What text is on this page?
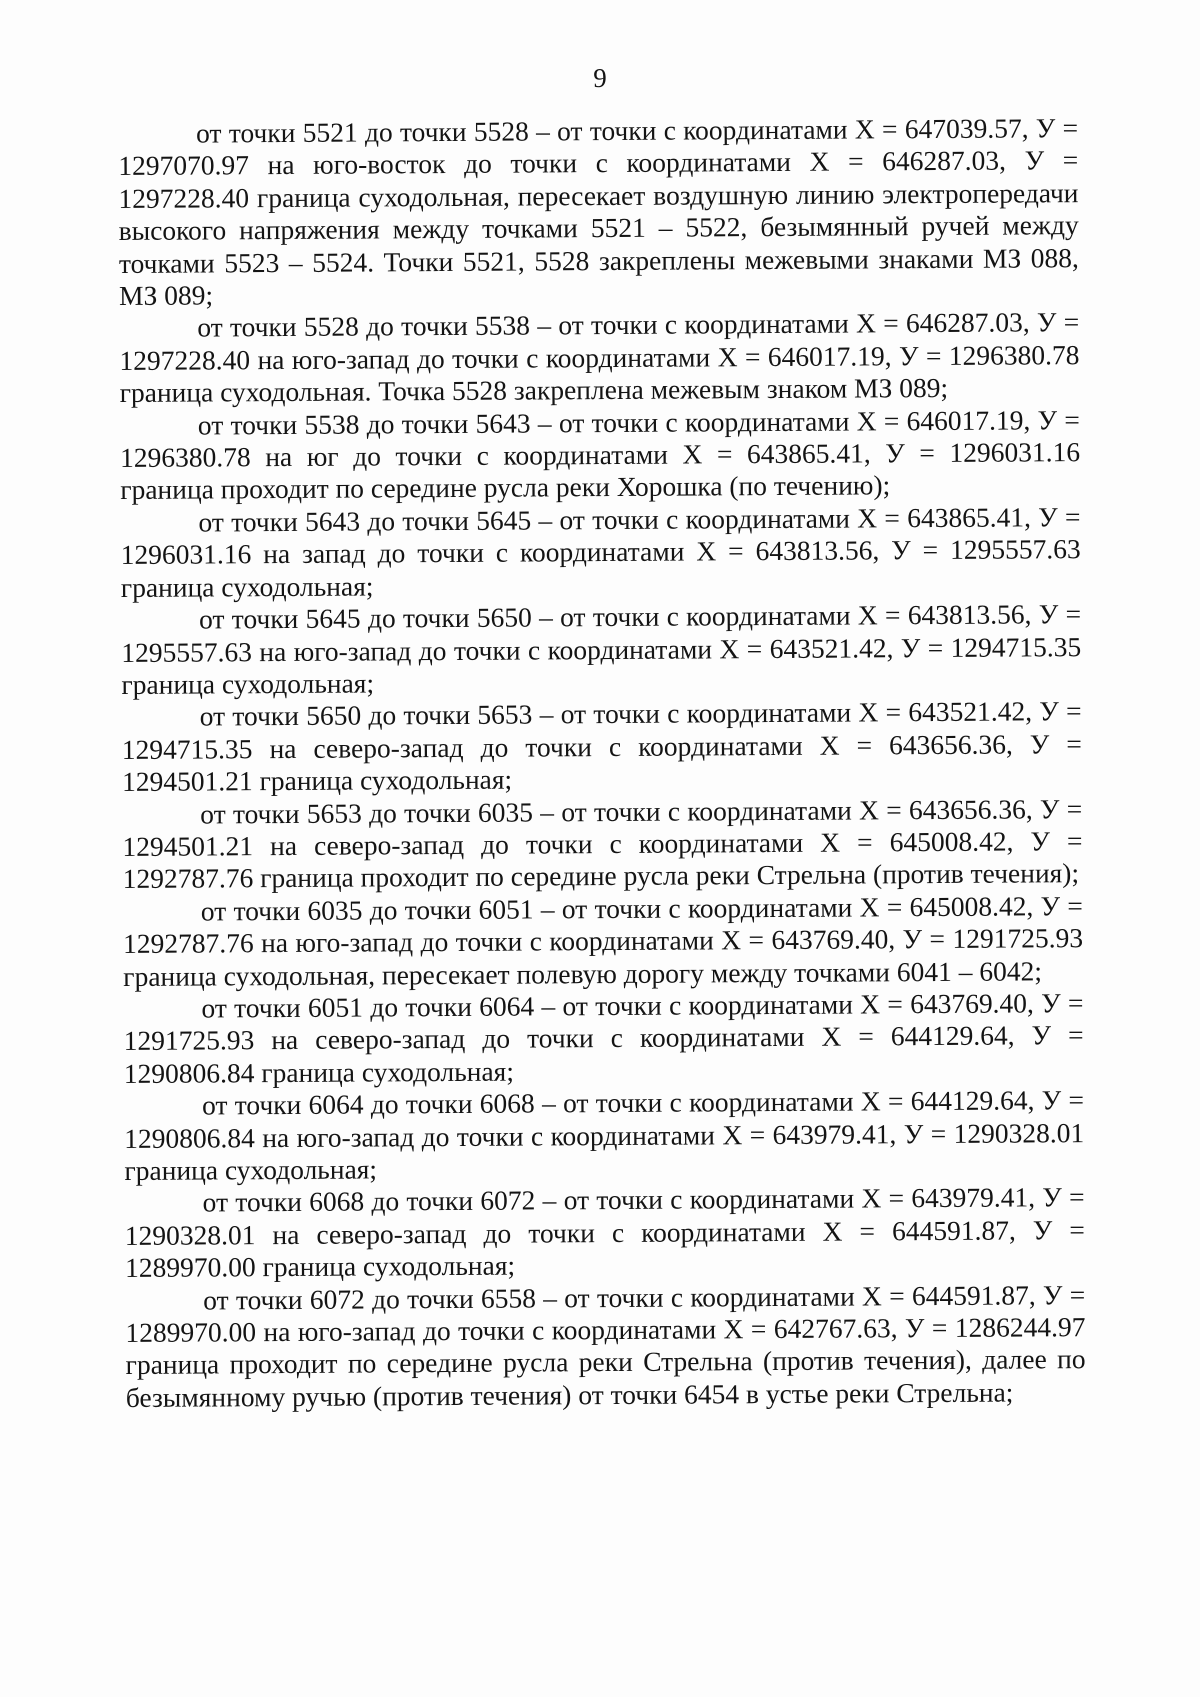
9

от точки 5521 до точки 5528 – от точки с координатами Х = 647039.57, У = 1297070.97 на юго-восток до точки с координатами Х = 646287.03, У = 1297228.40 граница суходольная, пересекает воздушную линию электропередачи высокого напряжения между точками 5521 – 5522, безымянный ручей между точками 5523 – 5524. Точки 5521, 5528 закреплены межевыми знаками МЗ 088, МЗ 089;

от точки 5528 до точки 5538 – от точки с координатами Х = 646287.03, У = 1297228.40 на юго-запад до точки с координатами Х = 646017.19, У = 1296380.78 граница суходольная. Точка 5528 закреплена межевым знаком МЗ 089;

от точки 5538 до точки 5643 – от точки с координатами Х = 646017.19, У = 1296380.78 на юг до точки с координатами Х = 643865.41, У = 1296031.16 граница проходит по середине русла реки Хорошка (по течению);

от точки 5643 до точки 5645 – от точки с координатами Х = 643865.41, У = 1296031.16 на запад до точки с координатами Х = 643813.56, У = 1295557.63 граница суходольная;

от точки 5645 до точки 5650 – от точки с координатами Х = 643813.56, У = 1295557.63 на юго-запад до точки с координатами Х = 643521.42, У = 1294715.35 граница суходольная;

от точки 5650 до точки 5653 – от точки с координатами Х = 643521.42, У = 1294715.35 на северо-запад до точки с координатами Х = 643656.36, У = 1294501.21 граница суходольная;

от точки 5653 до точки 6035 – от точки с координатами Х = 643656.36, У = 1294501.21 на северо-запад до точки с координатами Х = 645008.42, У = 1292787.76 граница проходит по середине русла реки Стрельна (против течения);

от точки 6035 до точки 6051 – от точки с координатами Х = 645008.42, У = 1292787.76 на юго-запад до точки с координатами Х = 643769.40, У = 1291725.93 граница суходольная, пересекает полевую дорогу между точками 6041 – 6042;

от точки 6051 до точки 6064 – от точки с координатами Х = 643769.40, У = 1291725.93 на северо-запад до точки с координатами Х = 644129.64, У = 1290806.84 граница суходольная;

от точки 6064 до точки 6068 – от точки с координатами Х = 644129.64, У = 1290806.84 на юго-запад до точки с координатами Х = 643979.41, У = 1290328.01 граница суходольная;

от точки 6068 до точки 6072 – от точки с координатами Х = 643979.41, У = 1290328.01 на северо-запад до точки с координатами Х = 644591.87, У = 1289970.00 граница суходольная;

от точки 6072 до точки 6558 – от точки с координатами Х = 644591.87, У = 1289970.00 на юго-запад до точки с координатами Х = 642767.63, У = 1286244.97 граница проходит по середине русла реки Стрельна (против течения), далее по безымянному ручью (против течения) от точки 6454 в устье реки Стрельна;
